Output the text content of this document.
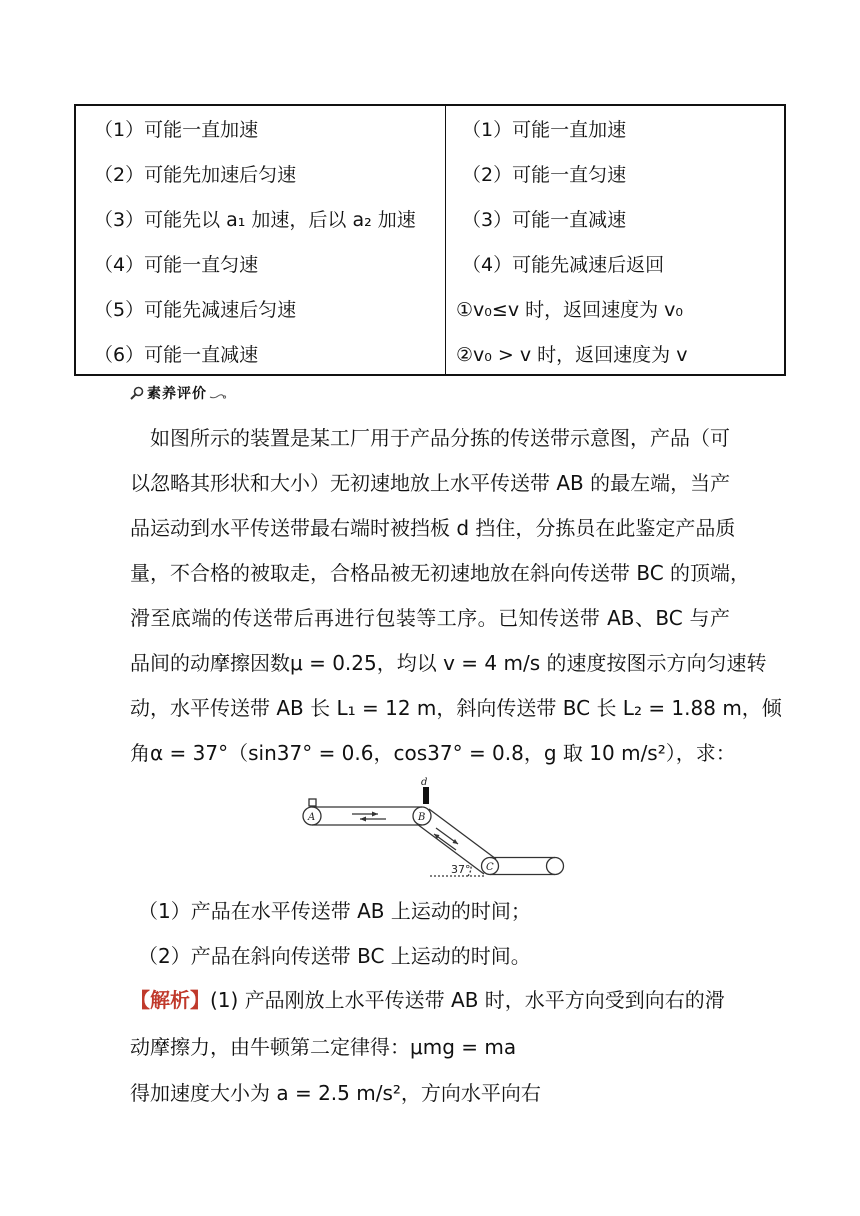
（1）可能一直加速
（2）可能先加速后匀速
（3）可能先以 a₁ 加速，后以 a₂ 加速
（4）可能一直匀速
（5）可能先减速后匀速
（6）可能一直减速
（1）可能一直加速
（2）可能一直匀速
（3）可能一直减速
（4）可能先减速后返回
①v₀≤v 时，返回速度为 v₀
②v₀ > v 时，返回速度为 v
素养评价

如图所示的装置是某工厂用于产品分拣的传送带示意图，产品（可

以忽略其形状和大小）无初速地放上水平传送带 AB 的最左端，当产

品运动到水平传送带最右端时被挡板 d 挡住，分拣员在此鉴定产品质

量，不合格的被取走，合格品被无初速地放在斜向传送带 BC 的顶端，

滑至底端的传送带后再进行包装等工序。已知传送带 AB、BC 与产

品间的动摩擦因数μ = 0.25，均以 v = 4 m/s 的速度按图示方向匀速转

动，水平传送带 AB 长 L₁ = 12 m，斜向传送带 BC 长 L₂ = 1.88 m，倾

角α = 37°（sin37° = 0.6，cos37° = 0.8，g 取 10 m/s²），求：

d
A	B
C
37°
（1）产品在水平传送带 AB 上运动的时间；
（2）产品在斜向传送带 BC 上运动的时间。
【解析】(1) 产品刚放上水平传送带 AB 时，水平方向受到向右的滑
动摩擦力，由牛顿第二定律得：μmg = ma
得加速度大小为 a = 2.5 m/s²，方向水平向右
